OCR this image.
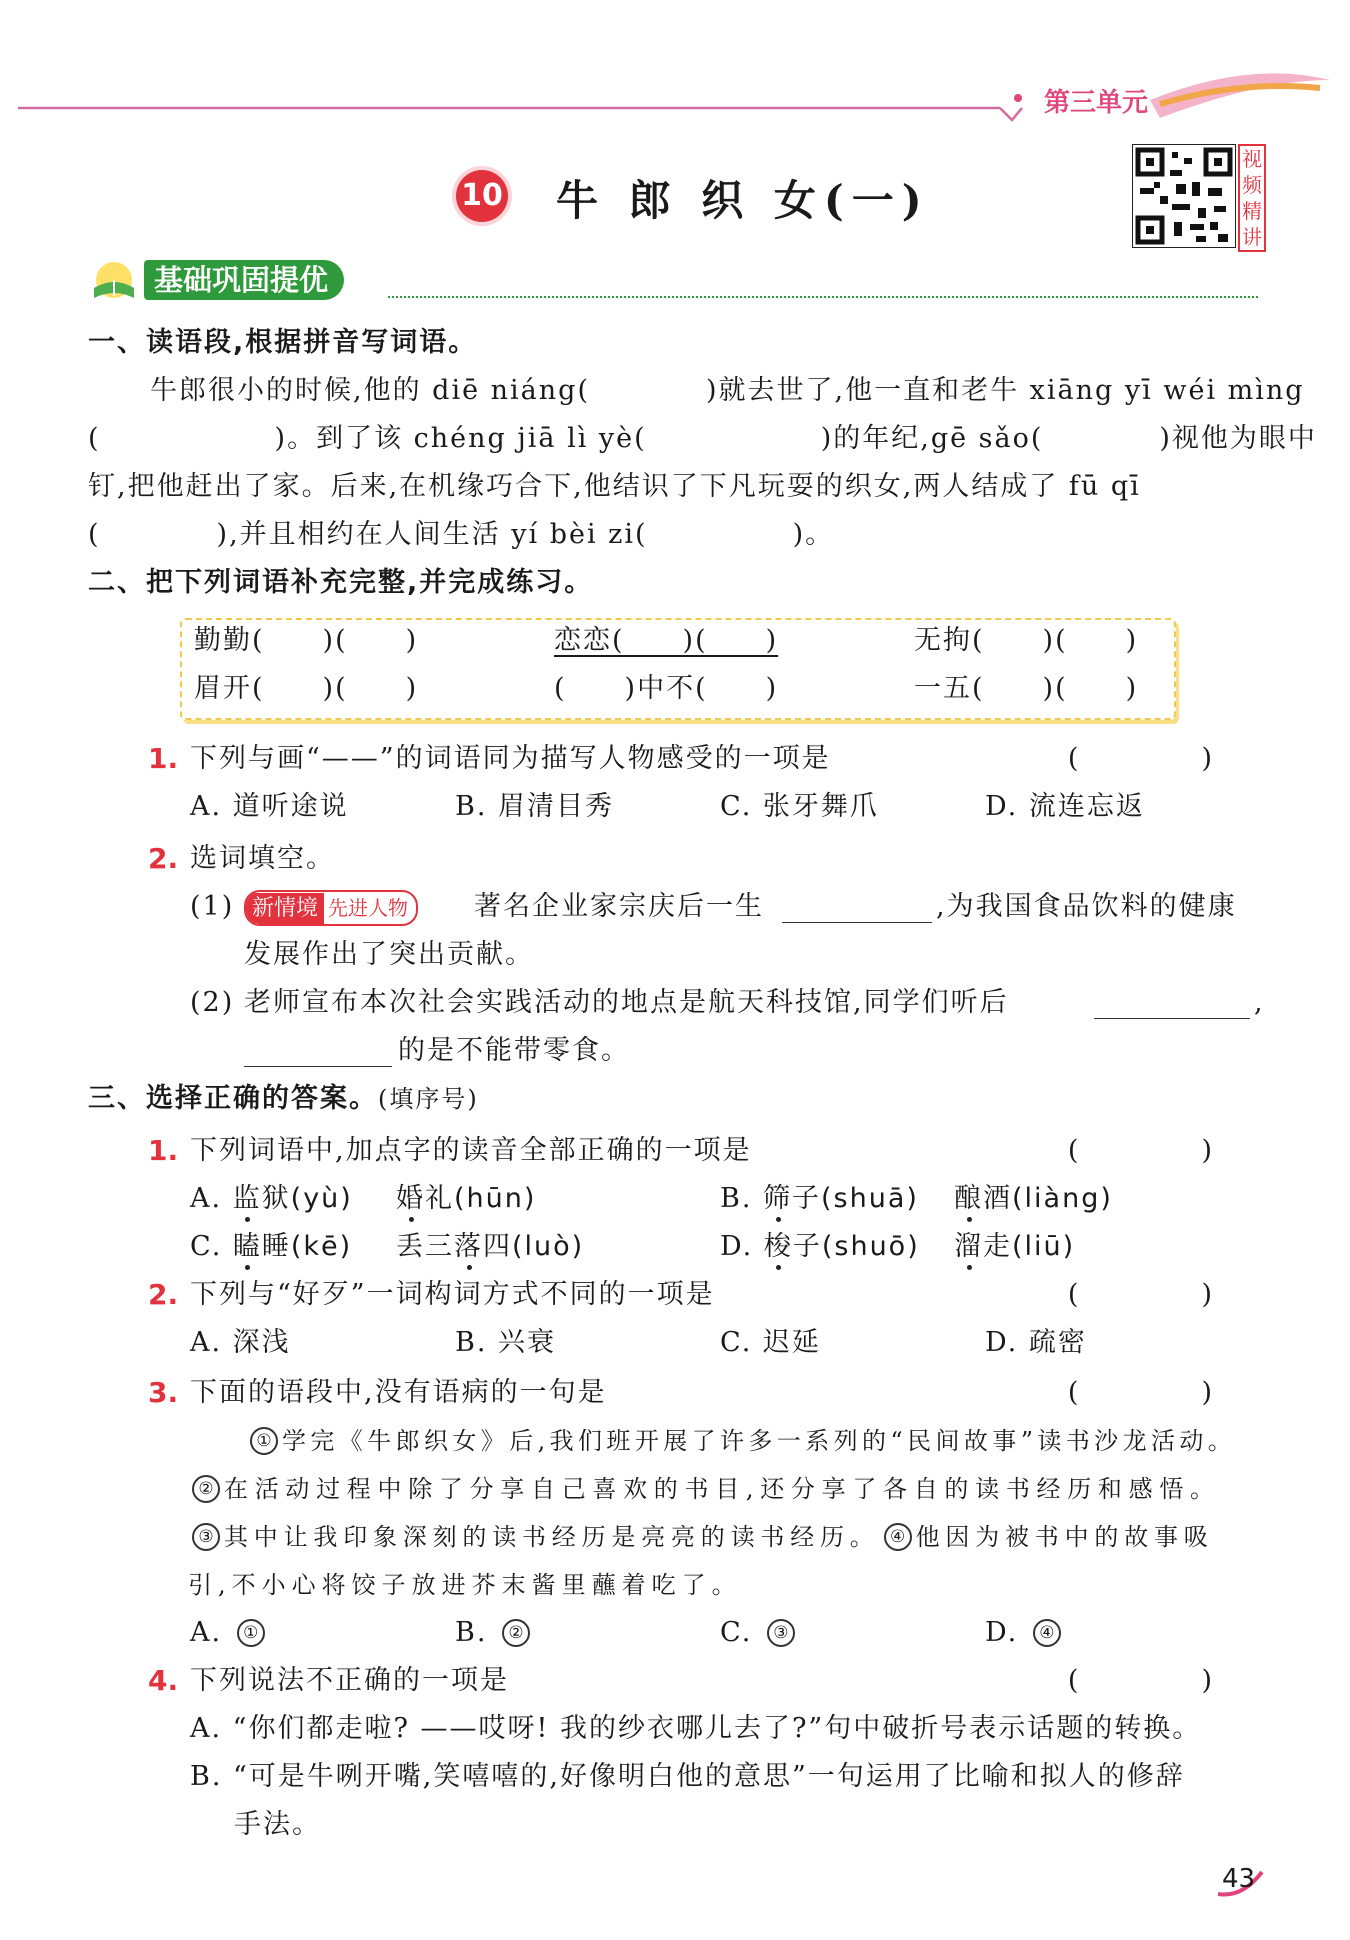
第三单元
10 牛 郎 织 女(一)
视
频
精
讲
基础巩固提优
一、读语段,根据拼音写词语。
牛郎很小的时候,他的 diē niáng(　　　　)就去世了,他一直和老牛 xiāng yī wéi mìng
(　　　　　　)。到了该 chéng jiā lì yè(　　　　　　)的年纪,gē sǎo(　　　　)视他为眼中
钉,把他赶出了家。后来,在机缘巧合下,他结识了下凡玩耍的织女,两人结成了 fū qī
(　　　　),并且相约在人间生活 yí bèi zi(　　　　　)。
二、把下列词语补充完整,并完成练习。
勤勤(　　)(　　)	恋恋(　　)(　　)	无拘(　　)(　　)
眉开(　　)(　　)	(　　)中不(　　)	一五(　　)(　　)
1. 下列与画“——”的词语同为描写人物感受的一项是	(　)
A. 道听途说	B. 眉清目秀	C. 张牙舞爪	D. 流连忘返
2. 选词填空。
(1) 新情境 先进人物	著名企业家宗庆后一生	,为我国食品饮料的健康
发展作出了突出贡献。
(2) 老师宣布本次社会实践活动的地点是航天科技馆,同学们听后	,
的是不能带零食。
三、选择正确的答案。(填序号)
1. 下列词语中,加点字的读音全部正确的一项是	(　)
A. 监狱(yù) 婚礼(hūn)	B. 筛子(shuā) 酿酒(liàng)
C. 瞌睡(kē) 丢三落四(luò)	D. 梭子(shuō) 溜走(liū)
2. 下列与“好歹”一词构词方式不同的一项是	(　)
A. 深浅	B. 兴衰	C. 迟延	D. 疏密
3. 下面的语段中,没有语病的一句是	(　)
① 学完《牛郎织女》后,我们班开展了许多一系列的“民间故事”读书沙龙活动。
② 在活动过程中除了分享自己喜欢的书目,还分享了各自的读书经历和感悟。
③ 其中让我印象深刻的读书经历是亮亮的读书经历。 ④ 他因为被书中的故事吸
引,不小心将饺子放进芥末酱里蘸着吃了。
A. ①	B. ②	C. ③	D. ④
4. 下列说法不正确的一项是	(　)
A. “你们都走啦? ——哎呀! 我的纱衣哪儿去了?”句中破折号表示话题的转换。
B. “可是牛咧开嘴,笑嘻嘻的,好像明白他的意思”一句运用了比喻和拟人的修辞
手法。
43
